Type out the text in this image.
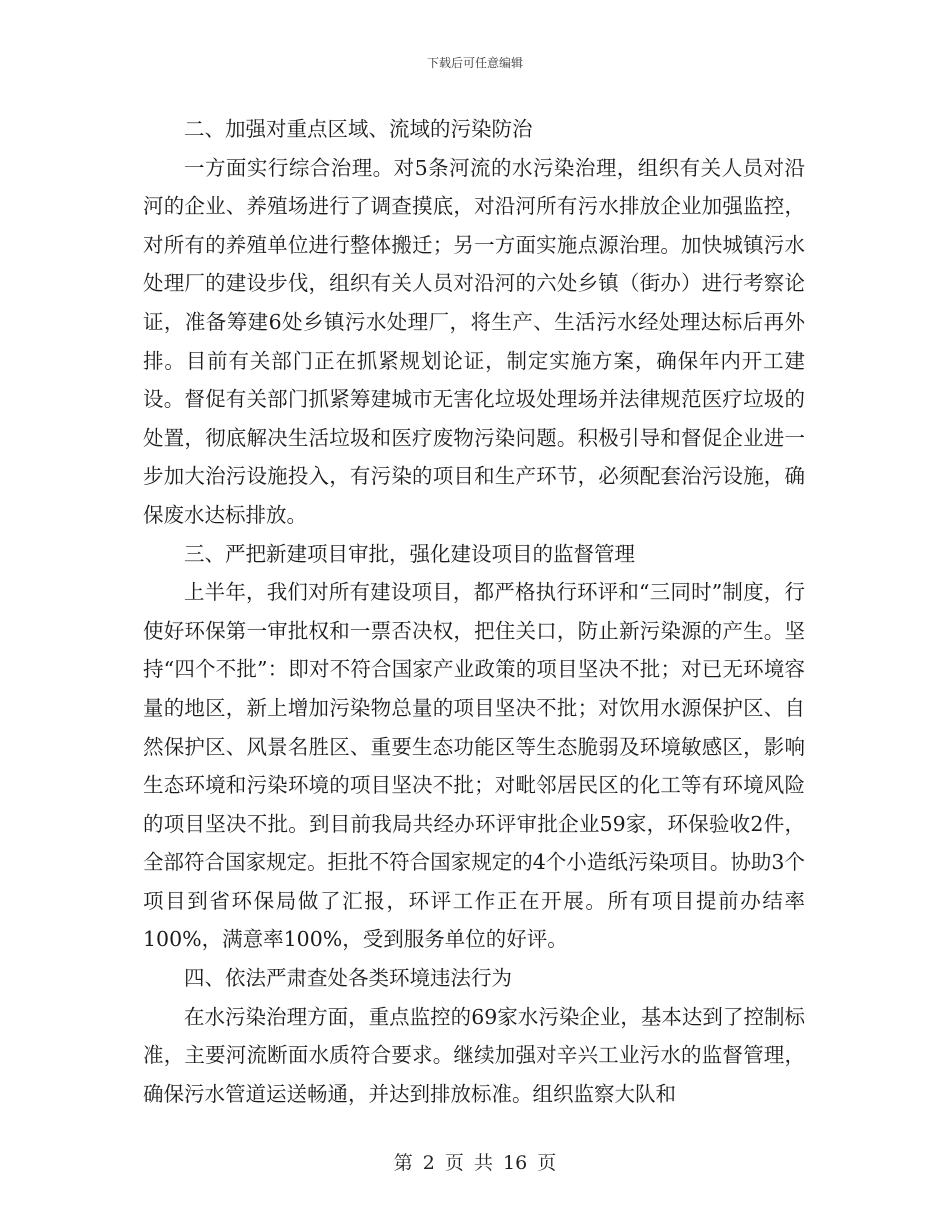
下载后可任意编辑

二、加强对重点区域、流域的污染防治

一方面实行综合治理。对5条河流的水污染治理，组织有关人员对沿河的企业、养殖场进行了调查摸底，对沿河所有污水排放企业加强监控，对所有的养殖单位进行整体搬迁；另一方面实施点源治理。加快城镇污水处理厂的建设步伐，组织有关人员对沿河的六处乡镇（街办）进行考察论证，准备筹建6处乡镇污水处理厂，将生产、生活污水经处理达标后再外排。目前有关部门正在抓紧规划论证，制定实施方案，确保年内开工建设。督促有关部门抓紧筹建城市无害化垃圾处理场并法律规范医疗垃圾的处置，彻底解决生活垃圾和医疗废物污染问题。积极引导和督促企业进一步加大治污设施投入，有污染的项目和生产环节，必须配套治污设施，确保废水达标排放。

三、严把新建项目审批，强化建设项目的监督管理

上半年，我们对所有建设项目，都严格执行环评和“三同时”制度，行使好环保第一审批权和一票否决权，把住关口，防止新污染源的产生。坚持“四个不批”：即对不符合国家产业政策的项目坚决不批；对已无环境容量的地区，新上增加污染物总量的项目坚决不批；对饮用水源保护区、自然保护区、风景名胜区、重要生态功能区等生态脆弱及环境敏感区，影响生态环境和污染环境的项目坚决不批；对毗邻居民区的化工等有环境风险的项目坚决不批。到目前我局共经办环评审批企业59家，环保验收2件，全部符合国家规定。拒批不符合国家规定的4个小造纸污染项目。协助3个项目到省环保局做了汇报，环评工作正在开展。所有项目提前办结率100%，满意率100%，受到服务单位的好评。

四、依法严肃查处各类环境违法行为

在水污染治理方面，重点监控的69家水污染企业，基本达到了控制标准，主要河流断面水质符合要求。继续加强对辛兴工业污水的监督管理，确保污水管道运送畅通，并达到排放标准。组织监察大队和

第 2 页 共 16 页
